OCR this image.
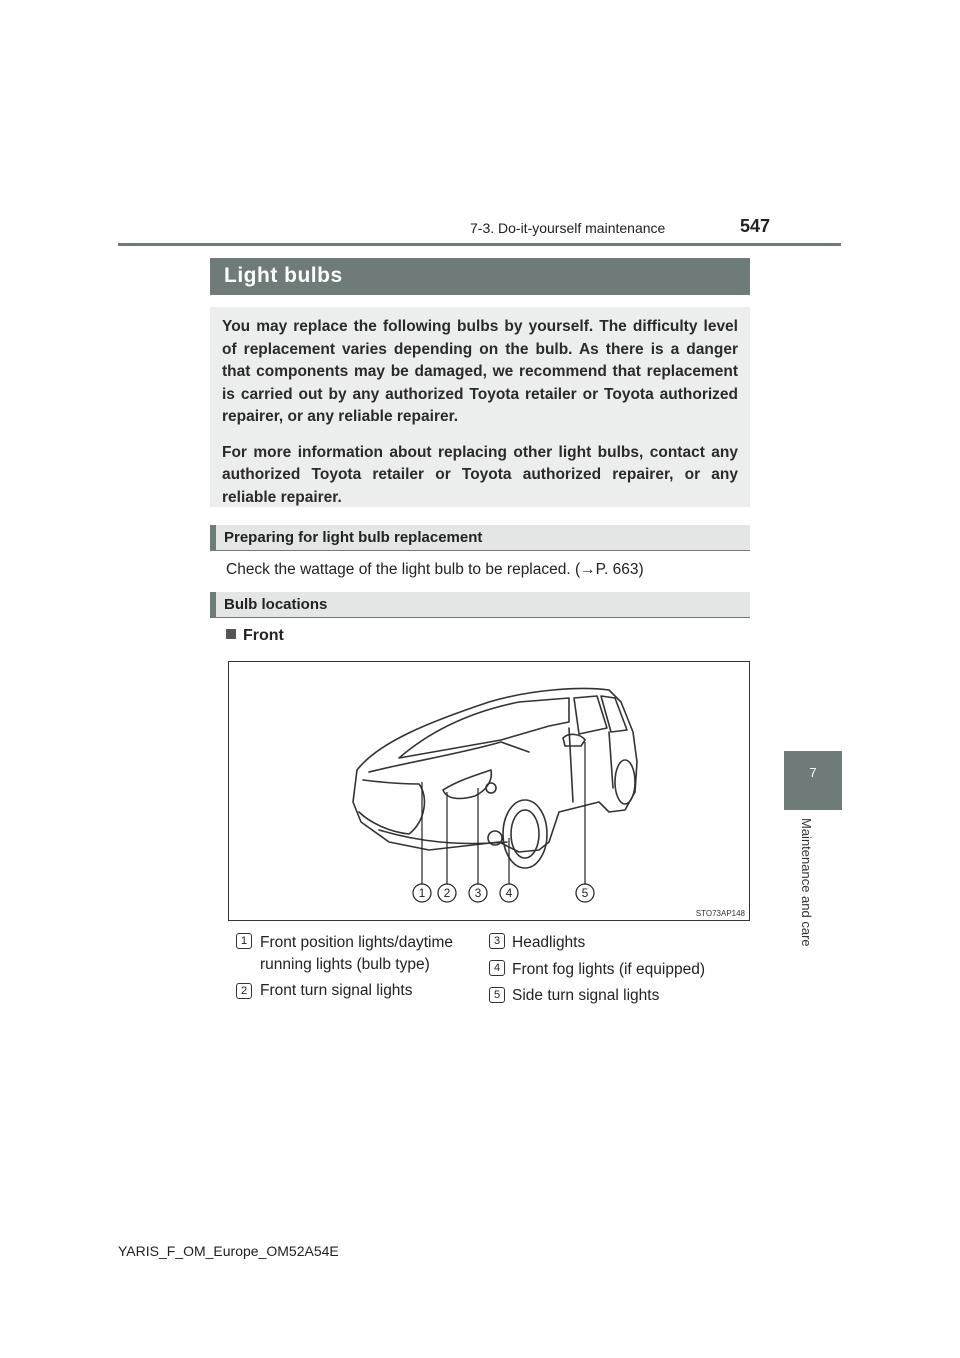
7-3. Do-it-yourself maintenance	547
7
Maintenance and care
Light bulbs

You may replace the following bulbs by yourself. The difficulty level of replacement varies depending on the bulb. As there is a danger that components may be damaged, we recommend that replacement is carried out by any authorized Toyota retailer or Toyota authorized repairer, or any reliable repairer.

For more information about replacing other light bulbs, contact any authorized Toyota retailer or Toyota authorized repairer, or any reliable repairer.

Preparing for light bulb replacement
Check the wattage of the light bulb to be replaced. (→P. 663)
Bulb locations
Front
1 2 3 4	5
STO73AP148
1 Front position lights/daytime running lights (bulb type)
2 Front turn signal lights
3 Headlights
4 Front fog lights (if equipped)
5 Side turn signal lights
YARIS_F_OM_Europe_OM52A54E
